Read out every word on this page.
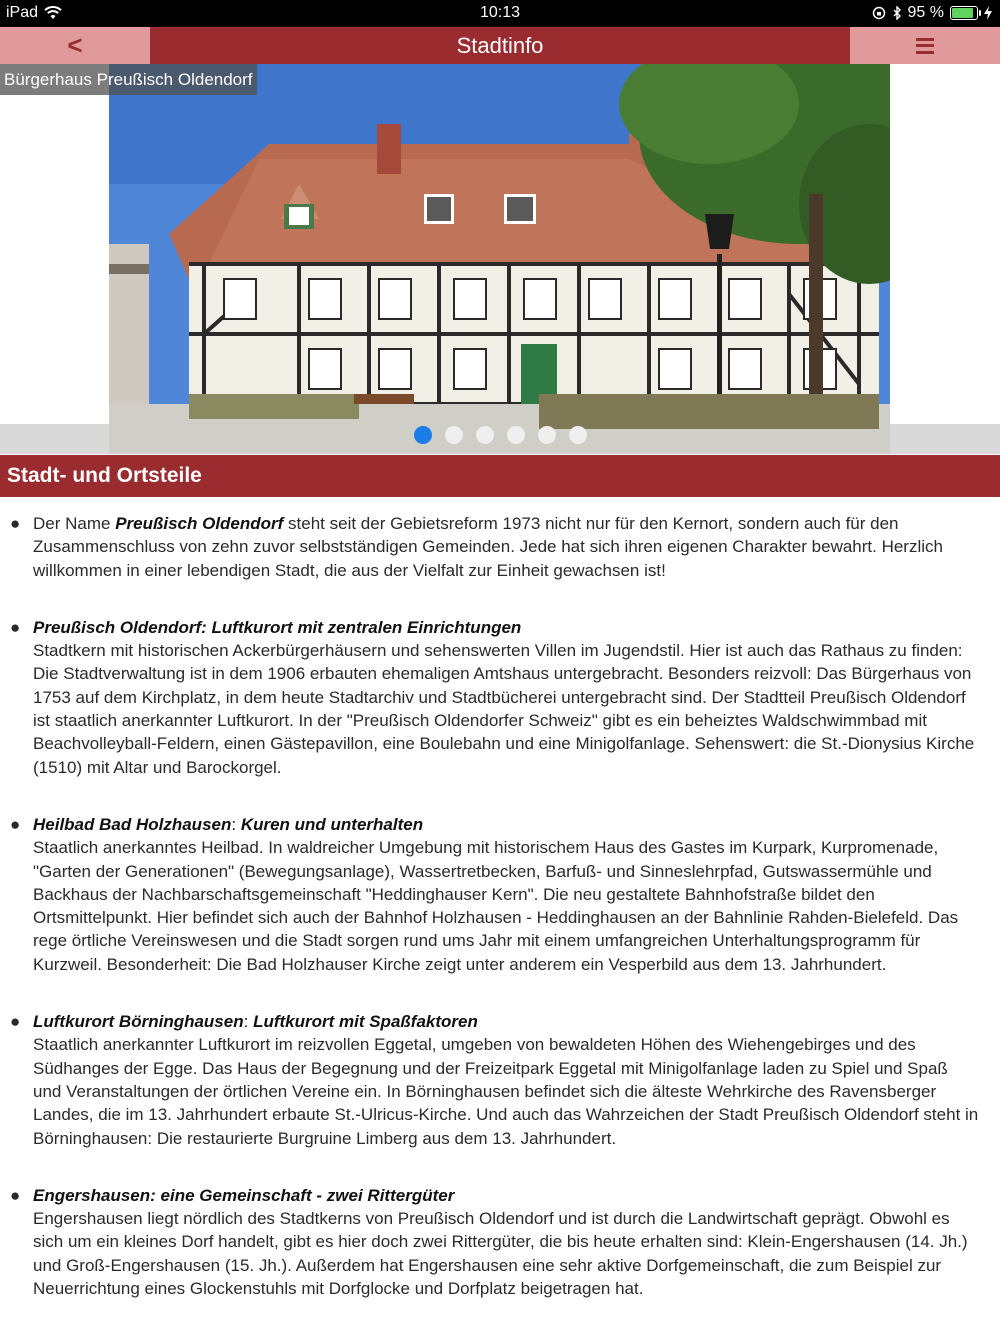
iPad	10:13	95 %
<	Stadtinfo
Bürgerhaus Preußisch Oldendorf
Stadt- und Ortsteile
● Der Name Preußisch Oldendorf steht seit der Gebietsreform 1973 nicht nur für den Kernort, sondern auch für den Zusammenschluss von zehn zuvor selbstständigen Gemeinden. Jede hat sich ihren eigenen Charakter bewahrt. Herzlich willkommen in einer lebendigen Stadt, die aus der Vielfalt zur Einheit gewachsen ist!
● Preußisch Oldendorf: Luftkurort mit zentralen Einrichtungen
Stadtkern mit historischen Ackerbürgerhäusern und sehenswerten Villen im Jugendstil. Hier ist auch das Rathaus zu finden: Die Stadtverwaltung ist in dem 1906 erbauten ehemaligen Amtshaus untergebracht. Besonders reizvoll: Das Bürgerhaus von 1753 auf dem Kirchplatz, in dem heute Stadtarchiv und Stadtbücherei untergebracht sind. Der Stadtteil Preußisch Oldendorf ist staatlich anerkannter Luftkurort. In der "Preußisch Oldendorfer Schweiz" gibt es ein beheiztes Waldschwimmbad mit Beachvolleyball-Feldern, einen Gästepavillon, eine Boulebahn und eine Minigolfanlage. Sehenswert: die St.-Dionysius Kirche (1510) mit Altar und Barockorgel.
● Heilbad Bad Holzhausen: Kuren und unterhalten
Staatlich anerkanntes Heilbad. In waldreicher Umgebung mit historischem Haus des Gastes im Kurpark, Kurpromenade, "Garten der Generationen" (Bewegungsanlage), Wassertretbecken, Barfuß- und Sinneslehrpfad, Gutswassermühle und Backhaus der Nachbarschaftsgemeinschaft "Heddinghauser Kern". Die neu gestaltete Bahnhofstraße bildet den Ortsmittelpunkt. Hier befindet sich auch der Bahnhof Holzhausen - Heddinghausen an der Bahnlinie Rahden-Bielefeld. Das rege örtliche Vereinswesen und die Stadt sorgen rund ums Jahr mit einem umfangreichen Unterhaltungsprogramm für Kurzweil. Besonderheit: Die Bad Holzhauser Kirche zeigt unter anderem ein Vesperbild aus dem 13. Jahrhundert.
● Luftkurort Börninghausen: Luftkurort mit Spaßfaktoren
Staatlich anerkannter Luftkurort im reizvollen Eggetal, umgeben von bewaldeten Höhen des Wiehengebirges und des Südhanges der Egge. Das Haus der Begegnung und der Freizeitpark Eggetal mit Minigolfanlage laden zu Spiel und Spaß und Veranstaltungen der örtlichen Vereine ein. In Börninghausen befindet sich die älteste Wehrkirche des Ravensberger Landes, die im 13. Jahrhundert erbaute St.-Ulricus-Kirche. Und auch das Wahrzeichen der Stadt Preußisch Oldendorf steht in Börninghausen: Die restaurierte Burgruine Limberg aus dem 13. Jahrhundert.
● Engershausen: eine Gemeinschaft - zwei Rittergüter
Engershausen liegt nördlich des Stadtkerns von Preußisch Oldendorf und ist durch die Landwirtschaft geprägt. Obwohl es sich um ein kleines Dorf handelt, gibt es hier doch zwei Rittergüter, die bis heute erhalten sind: Klein-Engershausen (14. Jh.) und Groß-Engershausen (15. Jh.). Außerdem hat Engershausen eine sehr aktive Dorfgemeinschaft, die zum Beispiel zur Neuerrichtung eines Glockenstuhls mit Dorfglocke und Dorfplatz beigetragen hat.
